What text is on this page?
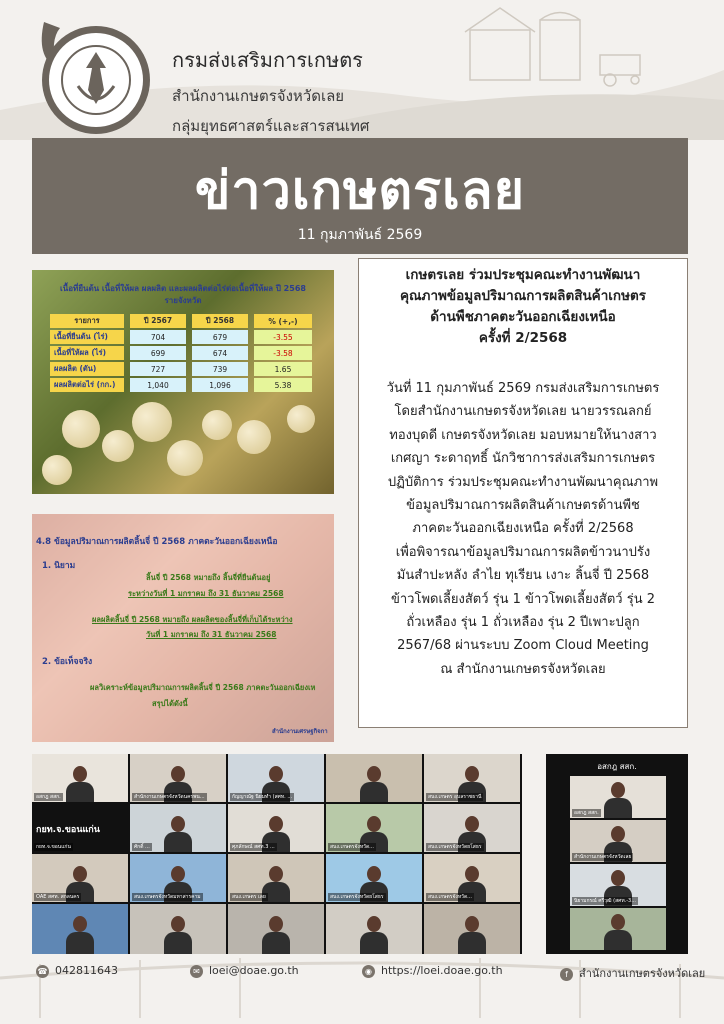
กรมส่งเสริมการเกษตร
สำนักงานเกษตรจังหวัดเลย
กลุ่มยุทธศาสตร์และสารสนเทศ
ข่าวเกษตรเลย
11 กุมภาพันธ์ 2569
เนื้อที่ยืนต้น เนื้อที่ให้ผล ผลผลิต และผลผลิตต่อไร่ต่อเนื้อที่ให้ผล ปี 2568
รายจังหวัด
รายการ	ปี 2567	ปี 2568	% (+,-)
เนื้อที่ยืนต้น (ไร่)	704	679	-3.55
เนื้อที่ให้ผล (ไร่)	699	674	-3.58
ผลผลิต (ตัน)	727	739	1.65
ผลผลิตต่อไร่ (กก.)	1,040	1,096	5.38
4.8 ข้อมูลปริมาณการผลิตลิ้นจี่ ปี 2568 ภาคตะวันออกเฉียงเหนือ
1. นิยาม
ลิ้นจี่ ปี 2568 หมายถึง ลิ้นจี่ที่ยืนต้นอยู่
ระหว่างวันที่ 1 มกราคม ถึง 31 ธันวาคม 2568
ผลผลิตลิ้นจี่ ปี 2568 หมายถึง ผลผลิตของลิ้นจี่ที่เก็บได้ระหว่าง
วันที่ 1 มกราคม ถึง 31 ธันวาคม 2568
2. ข้อเท็จจริง
ผลวิเคราะห์ข้อมูลปริมาณการผลิตลิ้นจี่ ปี 2568 ภาคตะวันออกเฉียงเห
สรุปได้ดังนี้
สำนักงานเศรษฐกิจกา
เกษตรเลย ร่วมประชุมคณะทำงานพัฒนา
คุณภาพข้อมูลปริมาณการผลิตสินค้าเกษตร
ด้านพืชภาคตะวันออกเฉียงเหนือ
ครั้งที่ 2/2568
วันที่ 11 กุมภาพันธ์ 2569 กรมส่งเสริมการเกษตร
โดยสำนักงานเกษตรจังหวัดเลย นายวรรณลกย์
ทองบุดดี เกษตรจังหวัดเลย มอบหมายให้นางสาว
เกศญา ระดาฤทธิ์ นักวิชาการส่งเสริมการเกษตร
ปฏิบัติการ ร่วมประชุมคณะทำงานพัฒนาคุณภาพ
ข้อมูลปริมาณการผลิตสินค้าเกษตรด้านพืช
ภาคตะวันออกเฉียงเหนือ ครั้งที่ 2/2568
เพื่อพิจารณาข้อมูลปริมาณการผลิตข้าวนาปรัง
มันสำปะหลัง ลำไย ทุเรียน เงาะ ลิ้นจี่ ปี 2568
ข้าวโพดเลี้ยงสัตว์ รุ่น 1 ข้าวโพดเลี้ยงสัตว์ รุ่น 2
ถั่วเหลือง รุ่น 1 ถั่วเหลือง รุ่น 2 ปีเพาะปลูก
2567/68 ผ่านระบบ Zoom Cloud Meeting
ณ สำนักงานเกษตรจังหวัดเลย
อสกฎ สสก.	สำนักงานเกษตรจังหวัดนครพน...	กัญญาณัฐ นิยมทำ (สศท. ...	สนง.เกษตร อุบลราชธานี
กยท.จ.ขอนแก่น
กยท.จ.ขอนแก่น	ศักดิ์ ...	ศุภลักษณ์ สศท.3 ...	สนง.เกษตรจังหวัด...	สนง.เกษตรจังหวัดยโสธร
OAE สศท. สกลนคร	สนง.เกษตรจังหวัดมหาสารคาม	สนง.เกษตร เลย	สนง.เกษตรจังหวัดยโสธร	สนง.เกษตรจังหวัด...
อสกฎ สสก.
อสกฎ สสก.
สำนักงานเกษตรจังหวัดเลย
นิยามกรณ์ ศรีวุฒิ (สศท.-3...
☎ 042811643	✉ loei@doae.go.th	◉ https://loei.doae.go.th	f สำนักงานเกษตรจังหวัดเลย
